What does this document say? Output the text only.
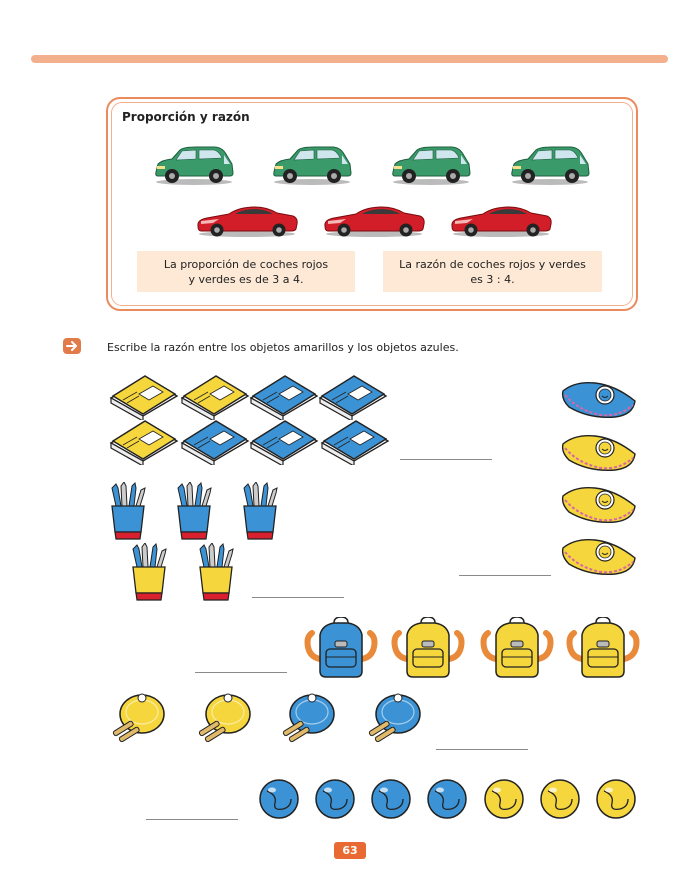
Proporción y razón
La proporción de coches rojos
y verdes es de 3 a 4.
La razón de coches rojos y verdes
es 3 : 4.
Escribe la razón entre los objetos amarillos y los objetos azules.
63
